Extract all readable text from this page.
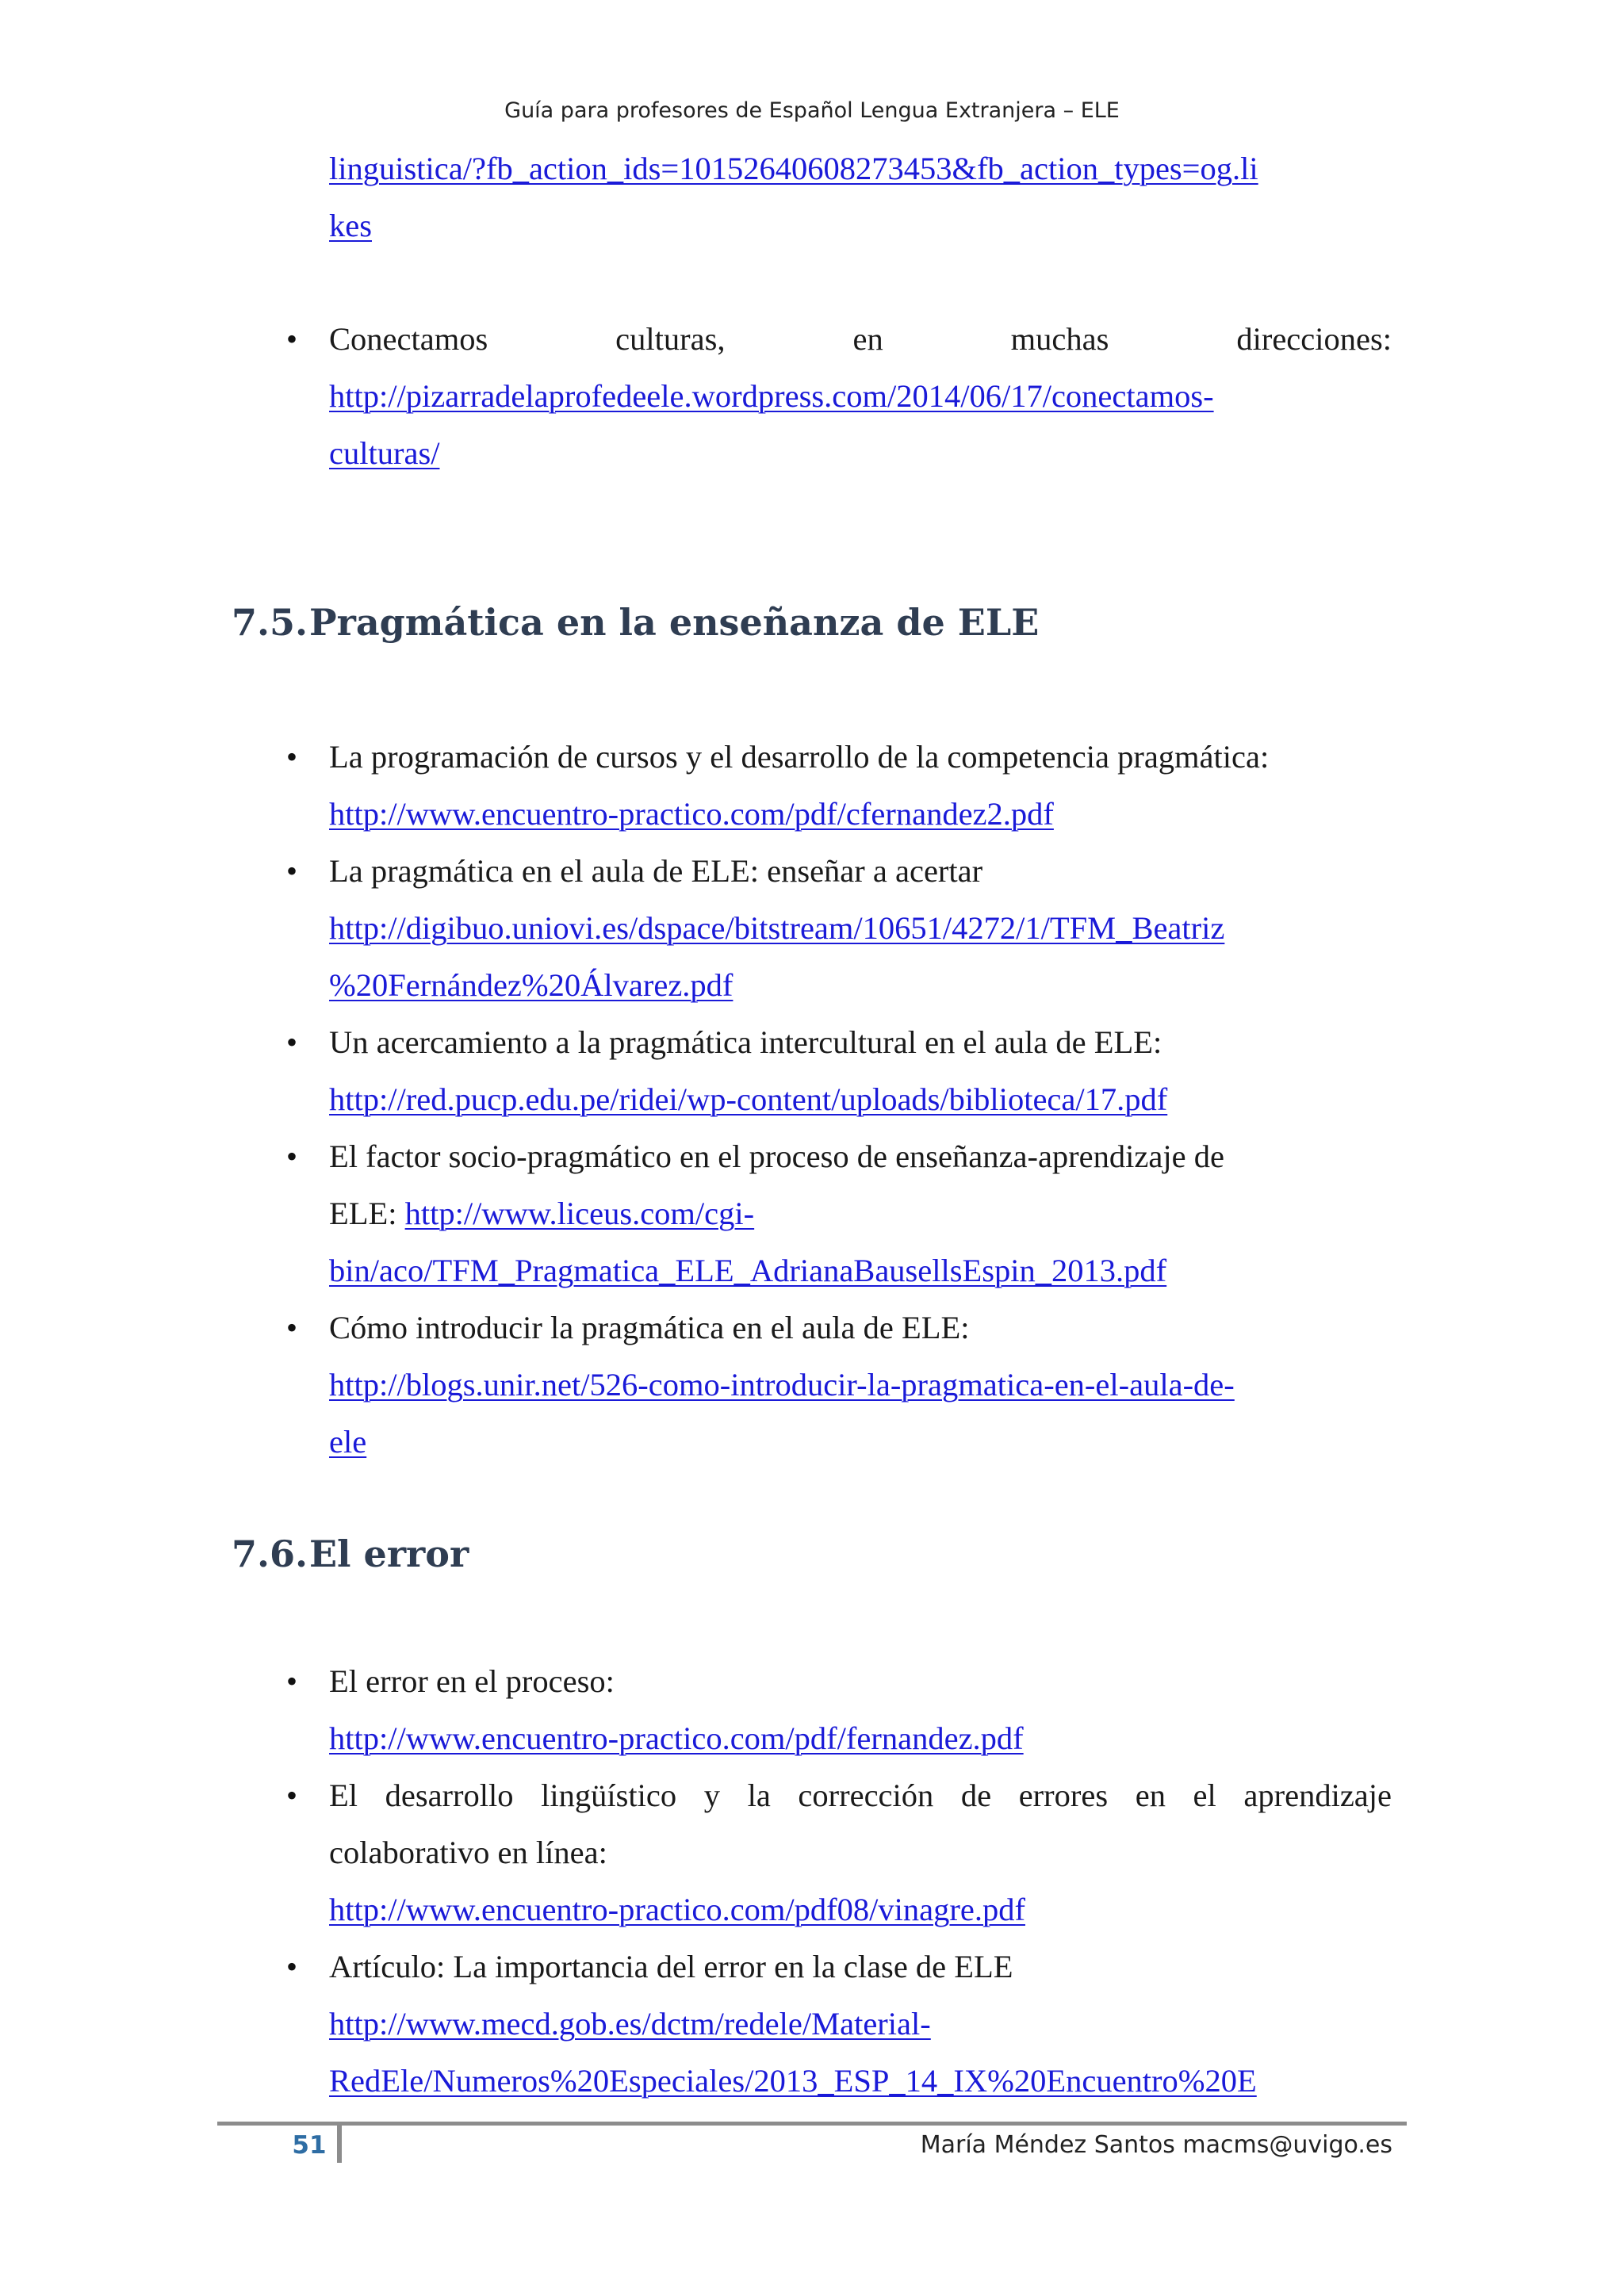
Guía para profesores de Español Lengua Extranjera – ELE
linguistica/?fb_action_ids=10152640608273453&fb_action_types=og.li
kes
• Conectamos culturas, en muchas direcciones:
http://pizarradelaprofedeele.wordpress.com/2014/06/17/conectamos-
culturas/
7.5.Pragmática en la enseñanza de ELE
• La programación de cursos y el desarrollo de la competencia pragmática:
http://www.encuentro-practico.com/pdf/cfernandez2.pdf
• La pragmática en el aula de ELE: enseñar a acertar
http://digibuo.uniovi.es/dspace/bitstream/10651/4272/1/TFM_Beatriz
%20Fernández%20Álvarez.pdf
• Un acercamiento a la pragmática intercultural en el aula de ELE:
http://red.pucp.edu.pe/ridei/wp-content/uploads/biblioteca/17.pdf
• El factor socio-pragmático en el proceso de enseñanza-aprendizaje de
ELE: http://www.liceus.com/cgi-
bin/aco/TFM_Pragmatica_ELE_AdrianaBausellsEspin_2013.pdf
• Cómo introducir la pragmática en el aula de ELE:
http://blogs.unir.net/526-como-introducir-la-pragmatica-en-el-aula-de-
ele
7.6.El error
• El error en el proceso:
http://www.encuentro-practico.com/pdf/fernandez.pdf
• El desarrollo lingüístico y la corrección de errores en el aprendizaje
colaborativo en línea:
http://www.encuentro-practico.com/pdf08/vinagre.pdf
• Artículo: La importancia del error en la clase de ELE
http://www.mecd.gob.es/dctm/redele/Material-
RedEle/Numeros%20Especiales/2013_ESP_14_IX%20Encuentro%20E
51	María Méndez Santos macms@uvigo.es
